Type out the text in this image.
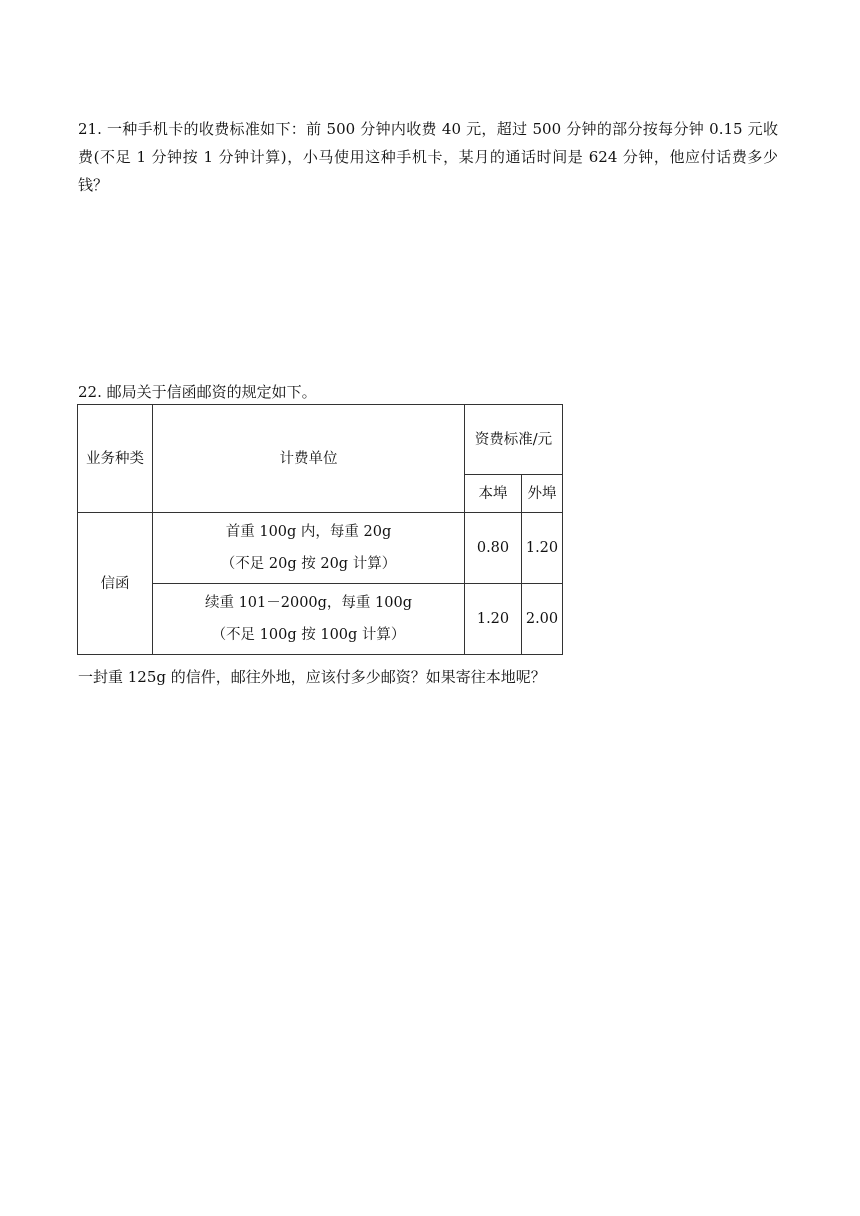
21. 一种手机卡的收费标准如下：前 500 分钟内收费 40 元，超过 500 分钟的部分按每分钟 0.15 元收费(不足 1 分钟按 1 分钟计算)，小马使用这种手机卡，某月的通话时间是 624 分钟，他应付话费多少钱？

22. 邮局关于信函邮资的规定如下。

业务种类	计费单位	资费标准/元	
		本埠	外埠
信函	首重 100g 内，每重 20g
（不足 20g 按 20g 计算）	0.80	1.20

	续重 101－2000g，每重 100g
（不足 100g 按 100g 计算）	1.20	2.00

一封重 125g 的信件，邮往外地，应该付多少邮资？如果寄往本地呢？
